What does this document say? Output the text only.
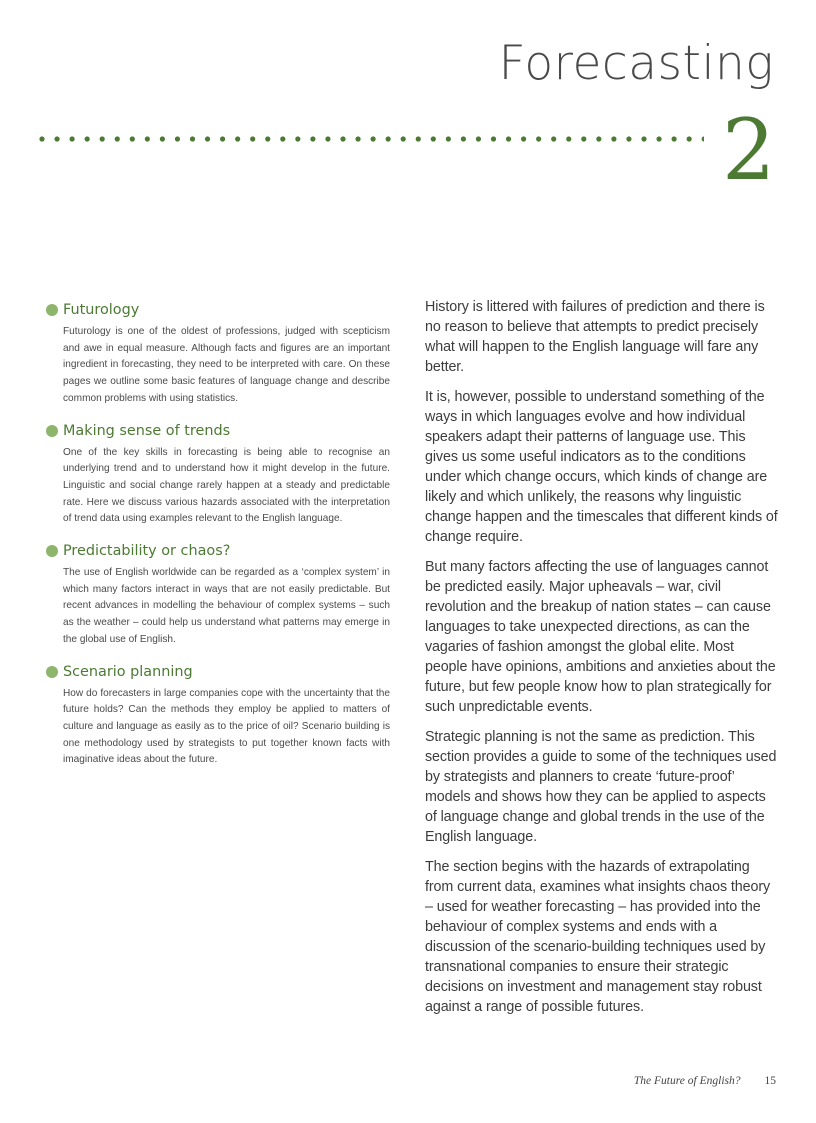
Forecasting
2
Futurology

Futurology is one of the oldest of professions, judged with scepticism and awe in equal measure. Although facts and figures are an important ingredient in forecasting, they need to be interpreted with care. On these pages we outline some basic features of language change and describe common problems with using statistics.

Making sense of trends

One of the key skills in forecasting is being able to recognise an underlying trend and to understand how it might develop in the future. Linguistic and social change rarely happen at a steady and predictable rate. Here we discuss various hazards associated with the interpretation of trend data using examples relevant to the English language.

Predictability or chaos?

The use of English worldwide can be regarded as a ‘complex system’ in which many factors interact in ways that are not easily predictable. But recent advances in modelling the behaviour of complex systems – such as the weather – could help us understand what patterns may emerge in the global use of English.

Scenario planning

How do forecasters in large companies cope with the uncertainty that the future holds? Can the methods they employ be applied to matters of culture and language as easily as to the price of oil? Scenario building is one methodology used by strategists to put together known facts with imaginative ideas about the future.

History is littered with failures of prediction and there is no reason to believe that attempts to predict precisely what will happen to the English language will fare any better.

It is, however, possible to understand something of the ways in which languages evolve and how individual speakers adapt their patterns of language use. This gives us some useful indicators as to the conditions under which change occurs, which kinds of change are likely and which unlikely, the reasons why linguistic change happen and the timescales that different kinds of change require.

But many factors affecting the use of languages cannot be predicted easily. Major upheavals – war, civil revolution and the breakup of nation states – can cause languages to take unexpected directions, as can the vagaries of fashion amongst the global elite. Most people have opinions, ambitions and anxieties about the future, but few people know how to plan strategically for such unpredictable events.

Strategic planning is not the same as prediction. This section provides a guide to some of the techniques used by strategists and planners to create ‘future-proof’ models and shows how they can be applied to aspects of language change and global trends in the use of the English language.

The section begins with the hazards of extrapolating from current data, examines what insights chaos theory – used for weather forecasting – has provided into the behaviour of complex systems and ends with a discussion of the scenario-building techniques used by transnational companies to ensure their strategic decisions on investment and management stay robust against a range of possible futures.

The Future of English? 15
